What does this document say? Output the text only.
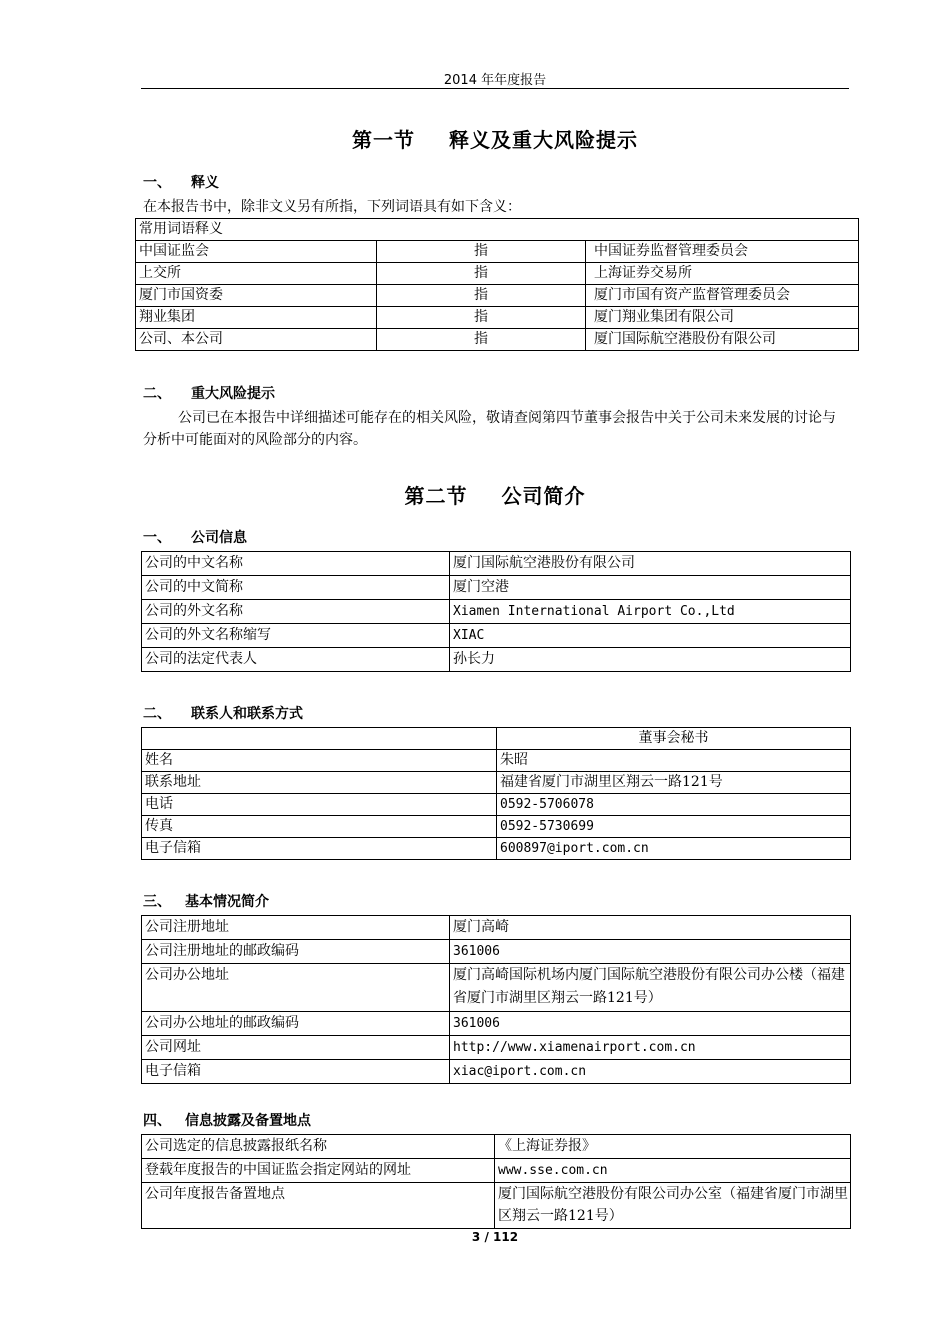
2014 年年度报告
第一节 释义及重大风险提示
一、 释义
在本报告书中，除非文义另有所指，下列词语具有如下含义：
常用词语释义		
中国证监会	指	中国证券监督管理委员会
上交所	指	上海证券交易所
厦门市国资委	指	厦门市国有资产监督管理委员会
翔业集团	指	厦门翔业集团有限公司
公司、本公司	指	厦门国际航空港股份有限公司
二、 重大风险提示
公司已在本报告中详细描述可能存在的相关风险，敬请查阅第四节董事会报告中关于公司未来发展的讨论与分析中可能面对的风险部分的内容。
第二节 公司简介
一、 公司信息
公司的中文名称	厦门国际航空港股份有限公司
公司的中文简称	厦门空港
公司的外文名称	Xiamen International Airport Co.,Ltd
公司的外文名称缩写	XIAC
公司的法定代表人	孙长力
二、 联系人和联系方式
	董事会秘书
姓名	朱昭
联系地址	福建省厦门市湖里区翔云一路121号
电话	0592-5706078
传真	0592-5730699
电子信箱	600897@iport.com.cn
三、 基本情况简介
公司注册地址	厦门高崎
公司注册地址的邮政编码	361006
公司办公地址	厦门高崎国际机场内厦门国际航空港股份有限公司办公楼（福建省厦门市湖里区翔云一路121号）
公司办公地址的邮政编码	361006
公司网址	http://www.xiamenairport.com.cn
电子信箱	xiac@iport.com.cn
四、 信息披露及备置地点
公司选定的信息披露报纸名称	《上海证券报》
登载年度报告的中国证监会指定网站的网址	www.sse.com.cn
公司年度报告备置地点	厦门国际航空港股份有限公司办公室（福建省厦门市湖里区翔云一路121号）
3 / 112
